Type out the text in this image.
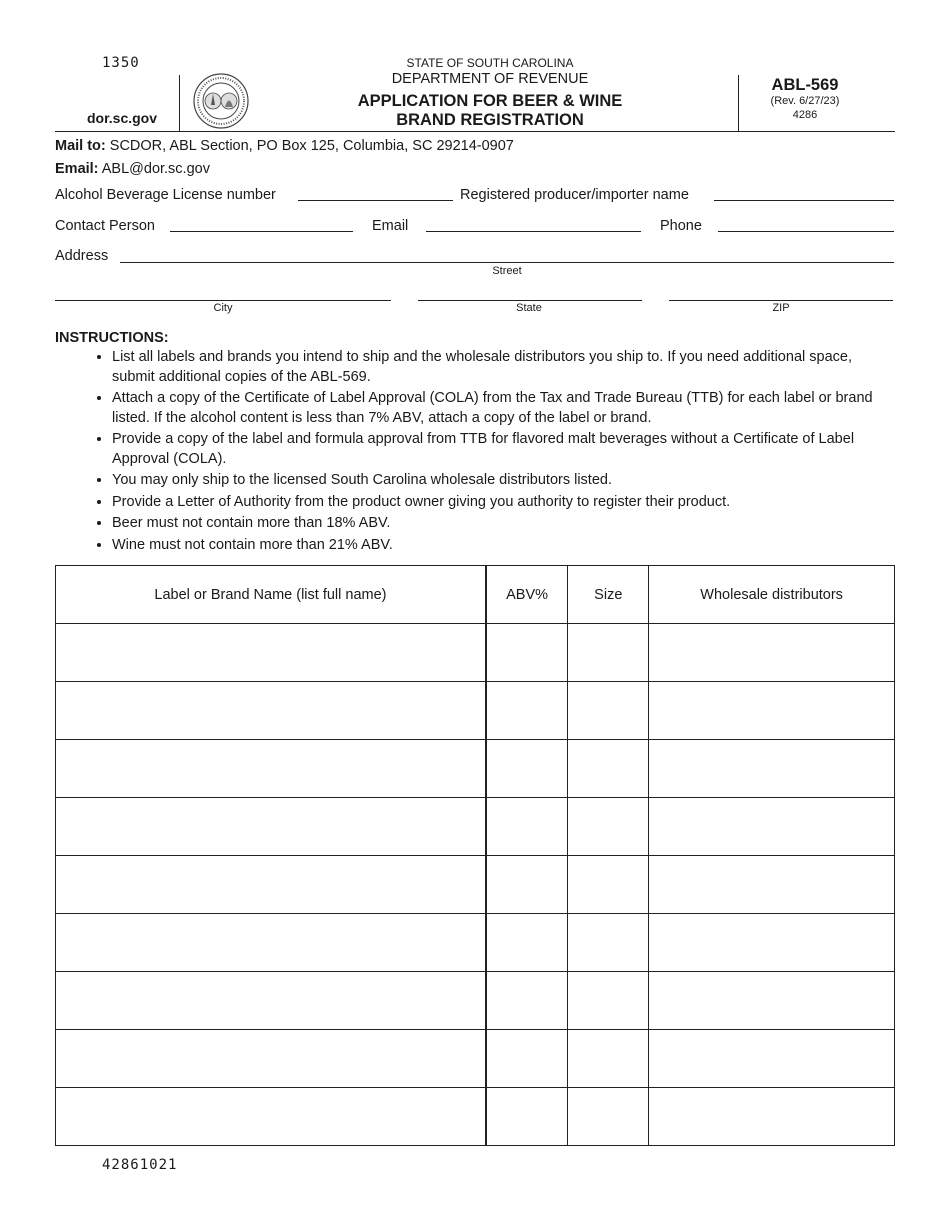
1350
dor.sc.gov
STATE OF SOUTH CAROLINA
DEPARTMENT OF REVENUE
APPLICATION FOR BEER & WINE
BRAND REGISTRATION
ABL-569
(Rev. 6/27/23)
4286
Mail to: SCDOR, ABL Section, PO Box 125, Columbia, SC 29214-0907
Email: ABL@dor.sc.gov
Alcohol Beverage License number	Registered producer/importer name
Contact Person	Email	Phone
Address
Street
City	State	ZIP
INSTRUCTIONS:
• List all labels and brands you intend to ship and the wholesale distributors you ship to. If you need additional space, submit additional copies of the ABL-569.
• Attach a copy of the Certificate of Label Approval (COLA) from the Tax and Trade Bureau (TTB) for each label or brand listed. If the alcohol content is less than 7% ABV, attach a copy of the label or brand.
• Provide a copy of the label and formula approval from TTB for flavored malt beverages without a Certificate of Label Approval (COLA).
• You may only ship to the licensed South Carolina wholesale distributors listed.
• Provide a Letter of Authority from the product owner giving you authority to register their product.
• Beer must not contain more than 18% ABV.
• Wine must not contain more than 21% ABV.
Label or Brand Name (list full name)	ABV%	Size	Wholesale distributors

42861021
